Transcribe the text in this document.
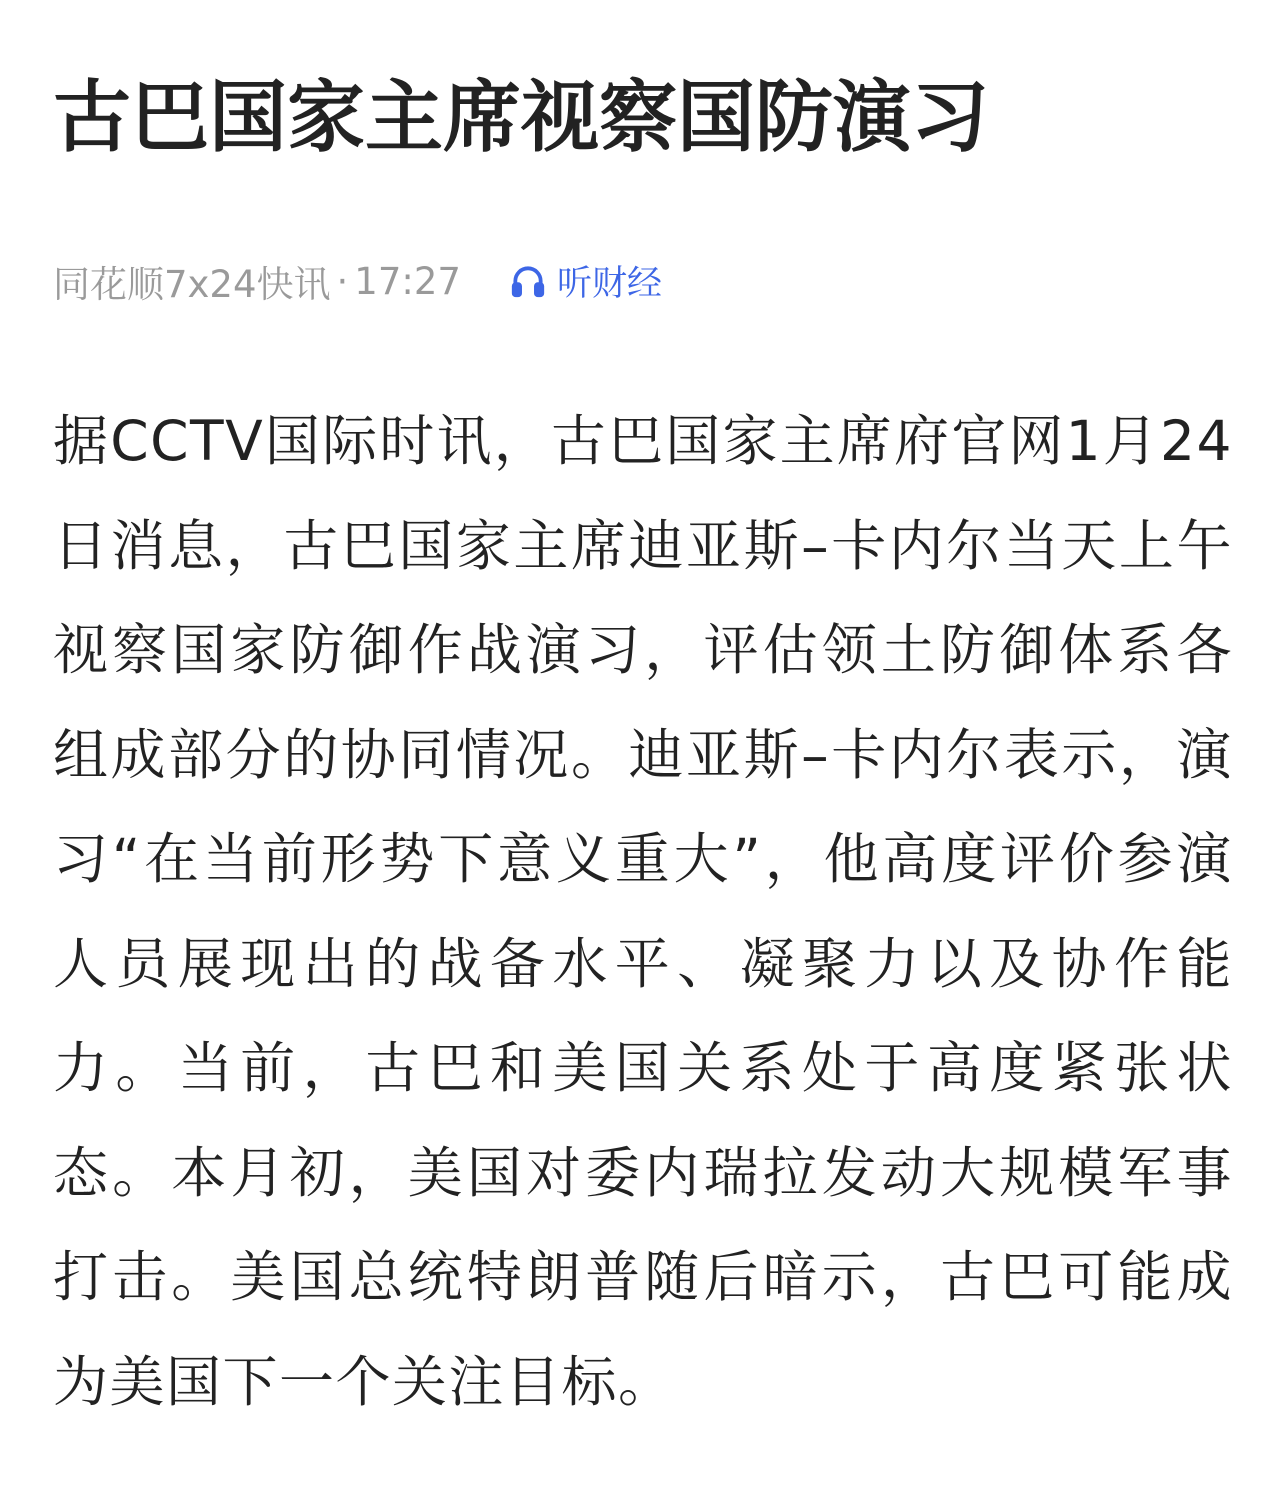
古巴国家主席视察国防演习
同花顺7x24快讯 · 17:27	听财经

据CCTV国际时讯，古巴国家主席府官网1月24日消息，古巴国家主席迪亚斯–卡内尔当天上午视察国家防御作战演习，评估领土防御体系各组成部分的协同情况。迪亚斯–卡内尔表示，演习“在当前形势下意义重大”，他高度评价参演人员展现出的战备水平、凝聚力以及协作能力。当前，古巴和美国关系处于高度紧张状态。本月初，美国对委内瑞拉发动大规模军事打击。美国总统特朗普随后暗示，古巴可能成为美国下一个关注目标。
